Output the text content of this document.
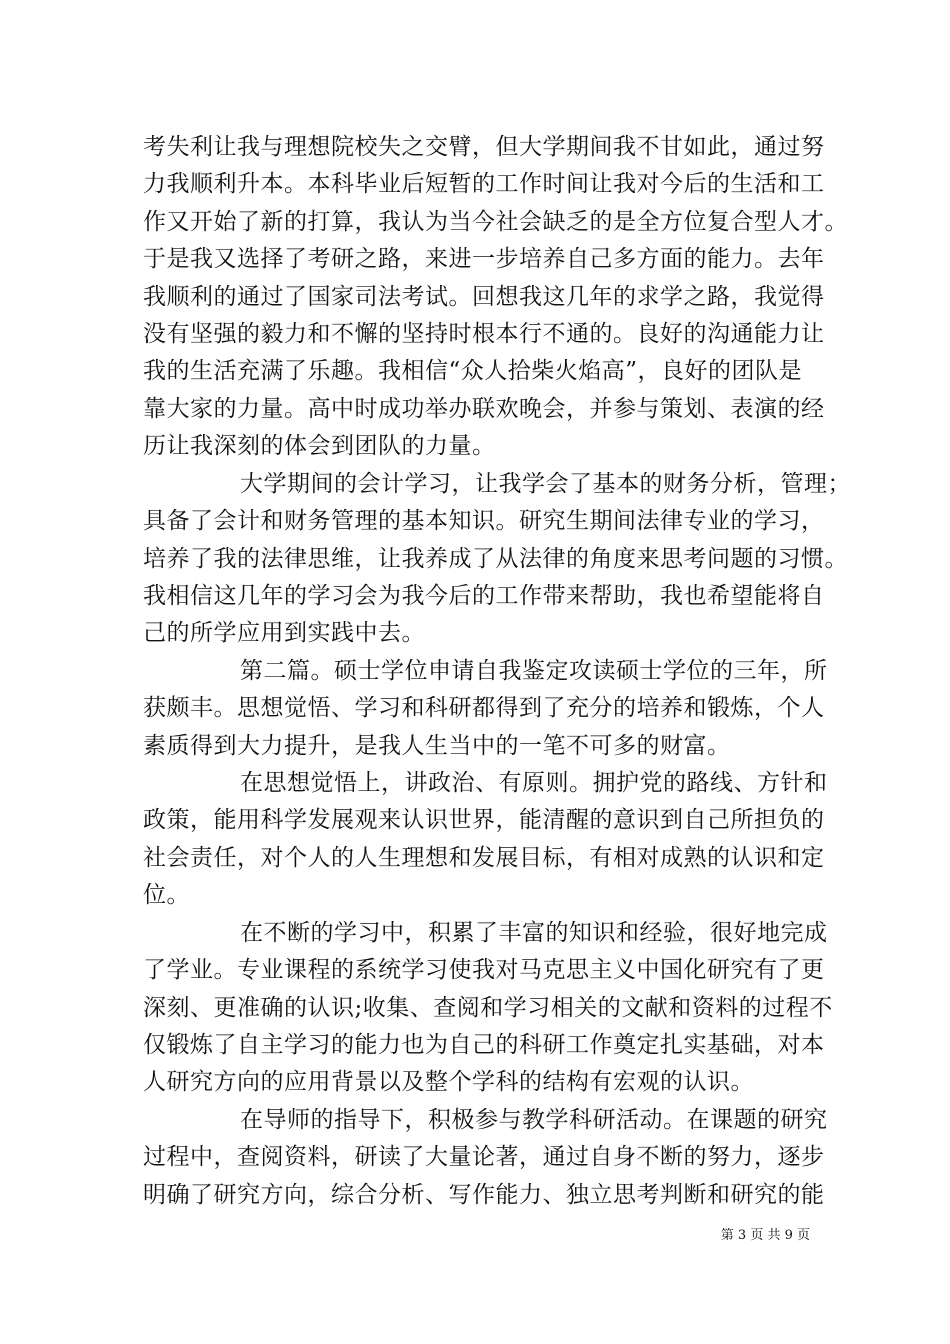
考失利让我与理想院校失之交臂，但大学期间我不甘如此，通过努
力我顺利升本。本科毕业后短暂的工作时间让我对今后的生活和工
作又开始了新的打算，我认为当今社会缺乏的是全方位复合型人才。
于是我又选择了考研之路，来进一步培养自己多方面的能力。去年
我顺利的通过了国家司法考试。回想我这几年的求学之路，我觉得
没有坚强的毅力和不懈的坚持时根本行不通的。良好的沟通能力让
我的生活充满了乐趣。我相信“众人拾柴火焰高”，良好的团队是
靠大家的力量。高中时成功举办联欢晚会，并参与策划、表演的经
历让我深刻的体会到团队的力量。
大学期间的会计学习，让我学会了基本的财务分析，管理；
具备了会计和财务管理的基本知识。研究生期间法律专业的学习，
培养了我的法律思维，让我养成了从法律的角度来思考问题的习惯。
我相信这几年的学习会为我今后的工作带来帮助，我也希望能将自
己的所学应用到实践中去。
第二篇。硕士学位申请自我鉴定攻读硕士学位的三年，所
获颇丰。思想觉悟、学习和科研都得到了充分的培养和锻炼，个人
素质得到大力提升，是我人生当中的一笔不可多的财富。
在思想觉悟上，讲政治、有原则。拥护党的路线、方针和
政策，能用科学发展观来认识世界，能清醒的意识到自己所担负的
社会责任，对个人的人生理想和发展目标，有相对成熟的认识和定
位。
在不断的学习中，积累了丰富的知识和经验，很好地完成
了学业。专业课程的系统学习使我对马克思主义中国化研究有了更
深刻、更准确的认识;收集、查阅和学习相关的文献和资料的过程不
仅锻炼了自主学习的能力也为自己的科研工作奠定扎实基础，对本
人研究方向的应用背景以及整个学科的结构有宏观的认识。
在导师的指导下，积极参与教学科研活动。在课题的研究
过程中，查阅资料，研读了大量论著，通过自身不断的努力，逐步
明确了研究方向，综合分析、写作能力、独立思考判断和研究的能
第 3 页 共 9 页
